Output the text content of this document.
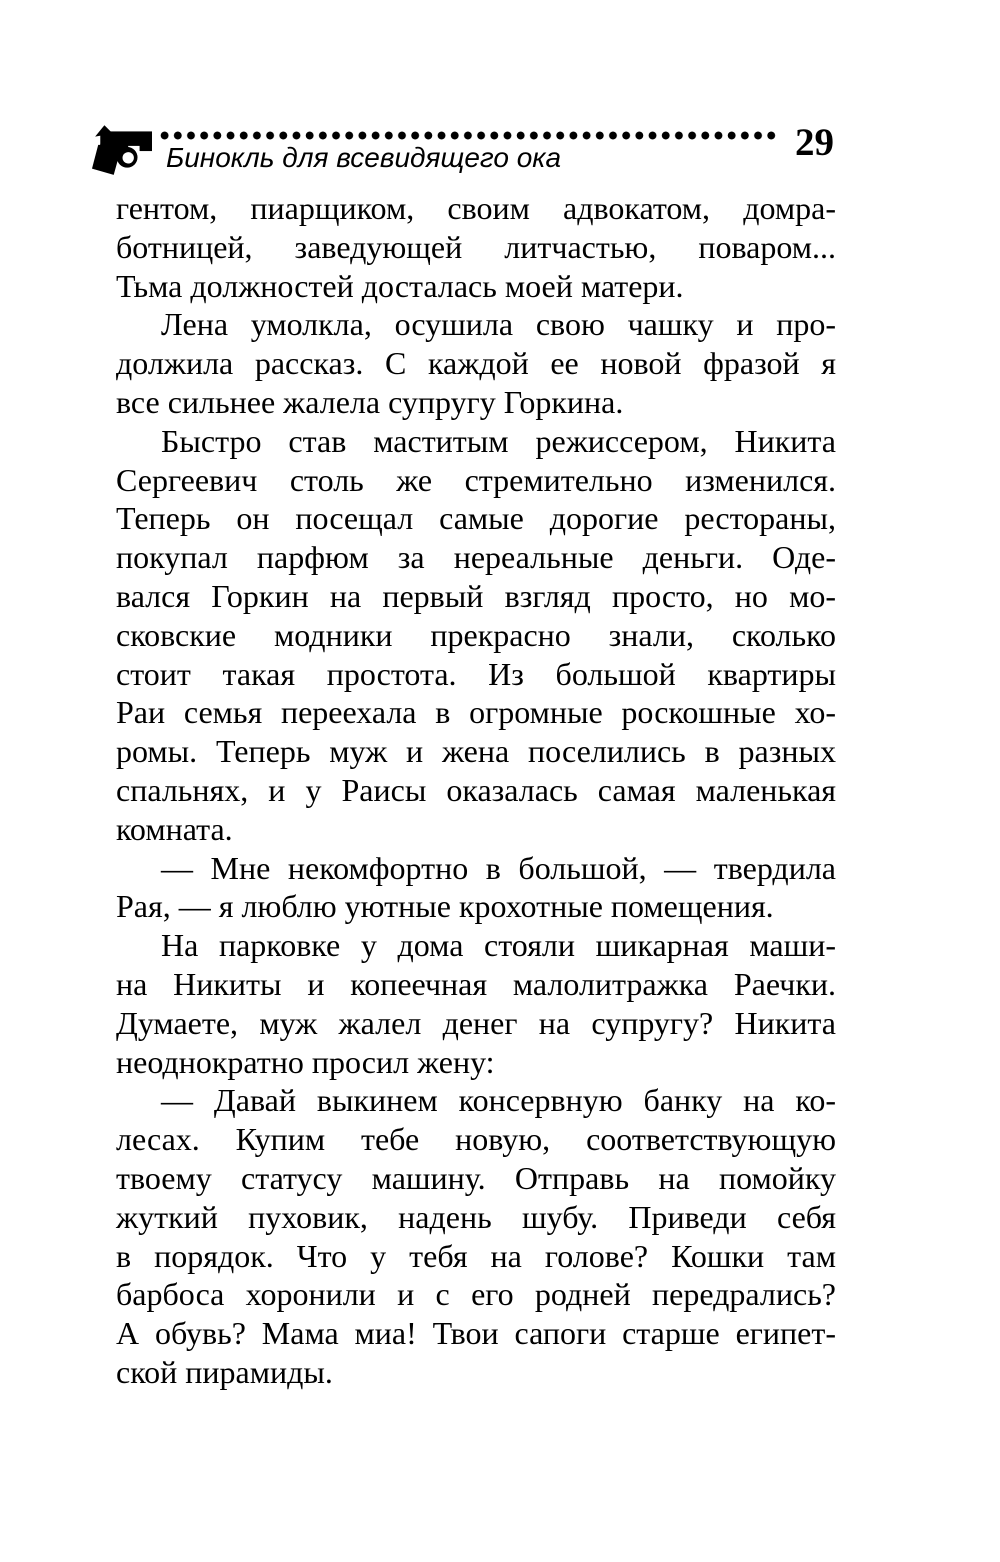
Бинокль для всевидящего ока	29
гентом, пиарщиком, своим адвокатом, домра-
ботницей, заведующей литчастью, поваром...
Тьма должностей досталась моей матери.
Лена умолкла, осушила свою чашку и про-
должила рассказ. С каждой ее новой фразой я
все сильнее жалела супругу Горкина.
Быстро став маститым режиссером, Никита
Сергеевич столь же стремительно изменился.
Теперь он посещал самые дорогие рестораны,
покупал парфюм за нереальные деньги. Оде-
вался Горкин на первый взгляд просто, но мо-
сковские модники прекрасно знали, сколько
стоит такая простота. Из большой квартиры
Раи семья переехала в огромные роскошные хо-
ромы. Теперь муж и жена поселились в разных
спальнях, и у Раисы оказалась самая маленькая
комната.
— Мне некомфортно в большой, — твердила
Рая, — я люблю уютные крохотные помещения.
На парковке у дома стояли шикарная маши-
на Никиты и копеечная малолитражка Раечки.
Думаете, муж жалел денег на супругу? Никита
неоднократно просил жену:
— Давай выкинем консервную банку на ко-
лесах. Купим тебе новую, соответствующую
твоему статусу машину. Отправь на помойку
жуткий пуховик, надень шубу. Приведи себя
в порядок. Что у тебя на голове? Кошки там
барбоса хоронили и с его родней передрались?
А обувь? Мама миа! Твои сапоги старше египет-
ской пирамиды.
